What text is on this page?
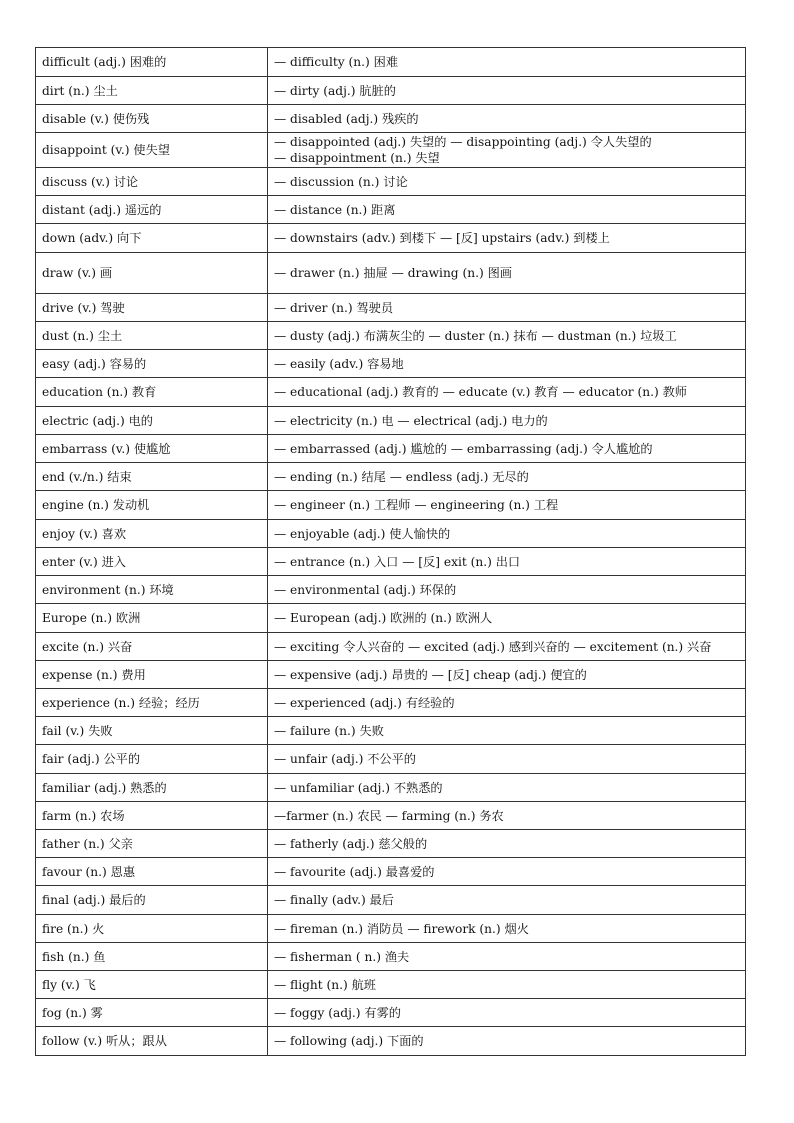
difficult (adj.) 困难的	— difficulty (n.) 困难

dirt (n.) 尘土	— dirty (adj.) 肮脏的

disable (v.) 使伤残	— disabled (adj.) 残疾的

disappoint (v.) 使失望	— disappointed (adj.) 失望的 — disappointing (adj.) 令人失望的
— disappointment (n.) 失望

discuss (v.) 讨论	— discussion (n.) 讨论

distant (adj.) 遥远的	— distance (n.) 距离

down (adv.) 向下	— downstairs (adv.) 到楼下 — [反] upstairs (adv.) 到楼上

draw (v.) 画	— drawer (n.) 抽屉 — drawing (n.) 图画

drive (v.) 驾驶	— driver (n.) 驾驶员

dust (n.) 尘土	— dusty (adj.) 布满灰尘的 — duster (n.) 抹布 — dustman (n.) 垃圾工

easy (adj.) 容易的	— easily (adv.) 容易地

education (n.) 教育	— educational (adj.) 教育的 — educate (v.) 教育 — educator (n.) 教师

electric (adj.) 电的	— electricity (n.) 电 — electrical (adj.) 电力的

embarrass (v.) 使尴尬	— embarrassed (adj.) 尴尬的 — embarrassing (adj.) 令人尴尬的

end (v./n.) 结束	— ending (n.) 结尾 — endless (adj.) 无尽的

engine (n.) 发动机	— engineer (n.) 工程师 — engineering (n.) 工程

enjoy (v.) 喜欢	— enjoyable (adj.) 使人愉快的

enter (v.) 进入	— entrance (n.) 入口 — [反] exit (n.) 出口

environment (n.) 环境	— environmental (adj.) 环保的

Europe (n.) 欧洲	— European (adj.) 欧洲的 (n.) 欧洲人

excite (n.) 兴奋	— exciting 令人兴奋的 — excited (adj.) 感到兴奋的 — excitement (n.) 兴奋

expense (n.) 费用	— expensive (adj.) 昂贵的 — [反] cheap (adj.) 便宜的

experience (n.) 经验；经历	— experienced (adj.) 有经验的

fail (v.) 失败	— failure (n.) 失败

fair (adj.) 公平的	— unfair (adj.) 不公平的

familiar (adj.) 熟悉的	— unfamiliar (adj.) 不熟悉的

farm (n.) 农场	—farmer (n.) 农民 — farming (n.) 务农

father (n.) 父亲	— fatherly (adj.) 慈父般的

favour (n.) 恩惠	— favourite (adj.) 最喜爱的

final (adj.) 最后的	— finally (adv.) 最后

fire (n.) 火	— fireman (n.) 消防员 — firework (n.) 烟火

fish (n.) 鱼	— fisherman ( n.) 渔夫

fly (v.) 飞	— flight (n.) 航班

fog (n.) 雾	— foggy (adj.) 有雾的

follow (v.) 听从；跟从	— following (adj.) 下面的
